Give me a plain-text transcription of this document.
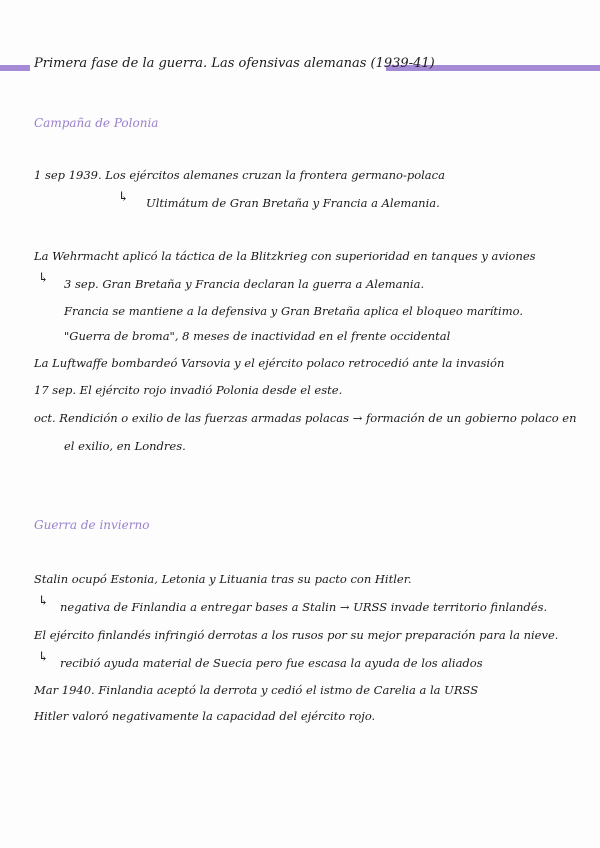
Primera fase de la guerra. Las ofensivas alemanas (1939-41)
Campaña de Polonia
1 sep 1939. Los ejércitos alemanes cruzan la frontera germano-polaca
↳ Ultimátum de Gran Bretaña y Francia a Alemania.
La Wehrmacht aplicó la táctica de la Blitzkrieg con superioridad en tanques y aviones
↳ 3 sep. Gran Bretaña y Francia declaran la guerra a Alemania.
Francia se mantiene a la defensiva y Gran Bretaña aplica el bloqueo marítimo.
"Guerra de broma", 8 meses de inactividad en el frente occidental
La Luftwaffe bombardeó Varsovia y el ejército polaco retrocedió ante la invasión
17 sep. El ejército rojo invadió Polonia desde el este.
oct. Rendición o exilio de las fuerzas armadas polacas → formación de un gobierno polaco en
el exilio, en Londres.
Guerra de invierno
Stalin ocupó Estonia, Letonia y Lituania tras su pacto con Hitler.
↳ negativa de Finlandia a entregar bases a Stalin → URSS invade territorio finlandés.
El ejército finlandés infringió derrotas a los rusos por su mejor preparación para la nieve.
↳ recibió ayuda material de Suecia pero fue escasa la ayuda de los aliados
Mar 1940. Finlandia aceptó la derrota y cedió el istmo de Carelia a la URSS
Hitler valoró negativamente la capacidad del ejército rojo.
